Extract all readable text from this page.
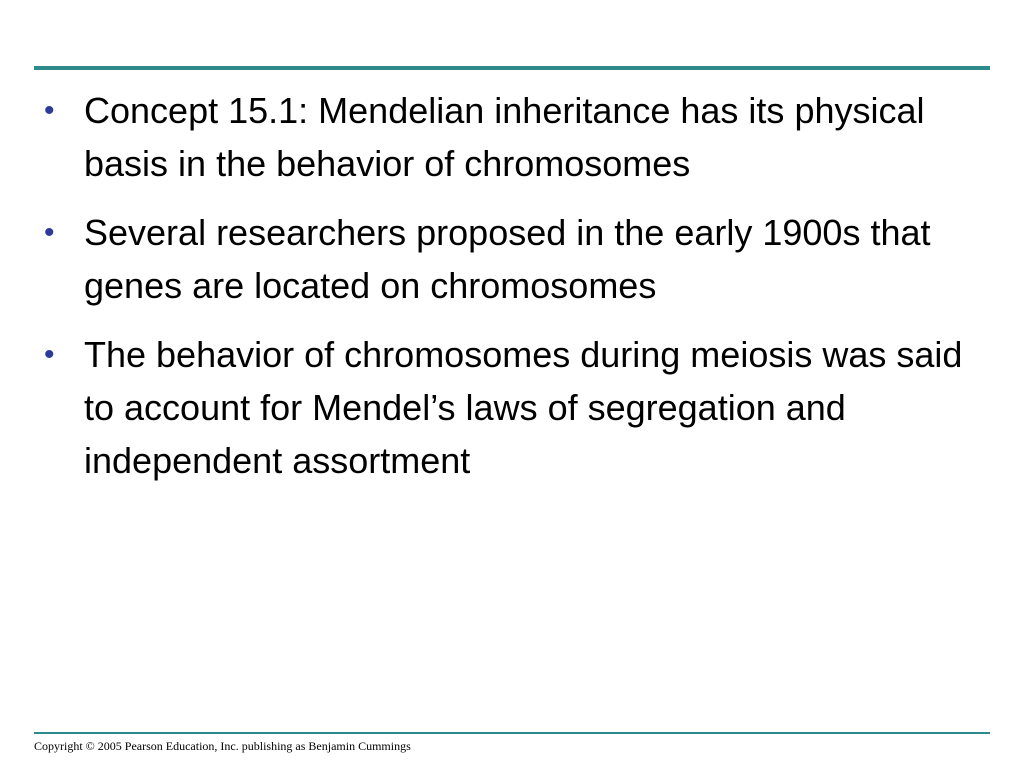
• Concept 15.1: Mendelian inheritance has its physical basis in the behavior of chromosomes
• Several researchers proposed in the early 1900s that genes are located on chromosomes
• The behavior of chromosomes during meiosis was said to account for Mendel’s laws of segregation and independent assortment
Copyright © 2005 Pearson Education, Inc. publishing as Benjamin Cummings
